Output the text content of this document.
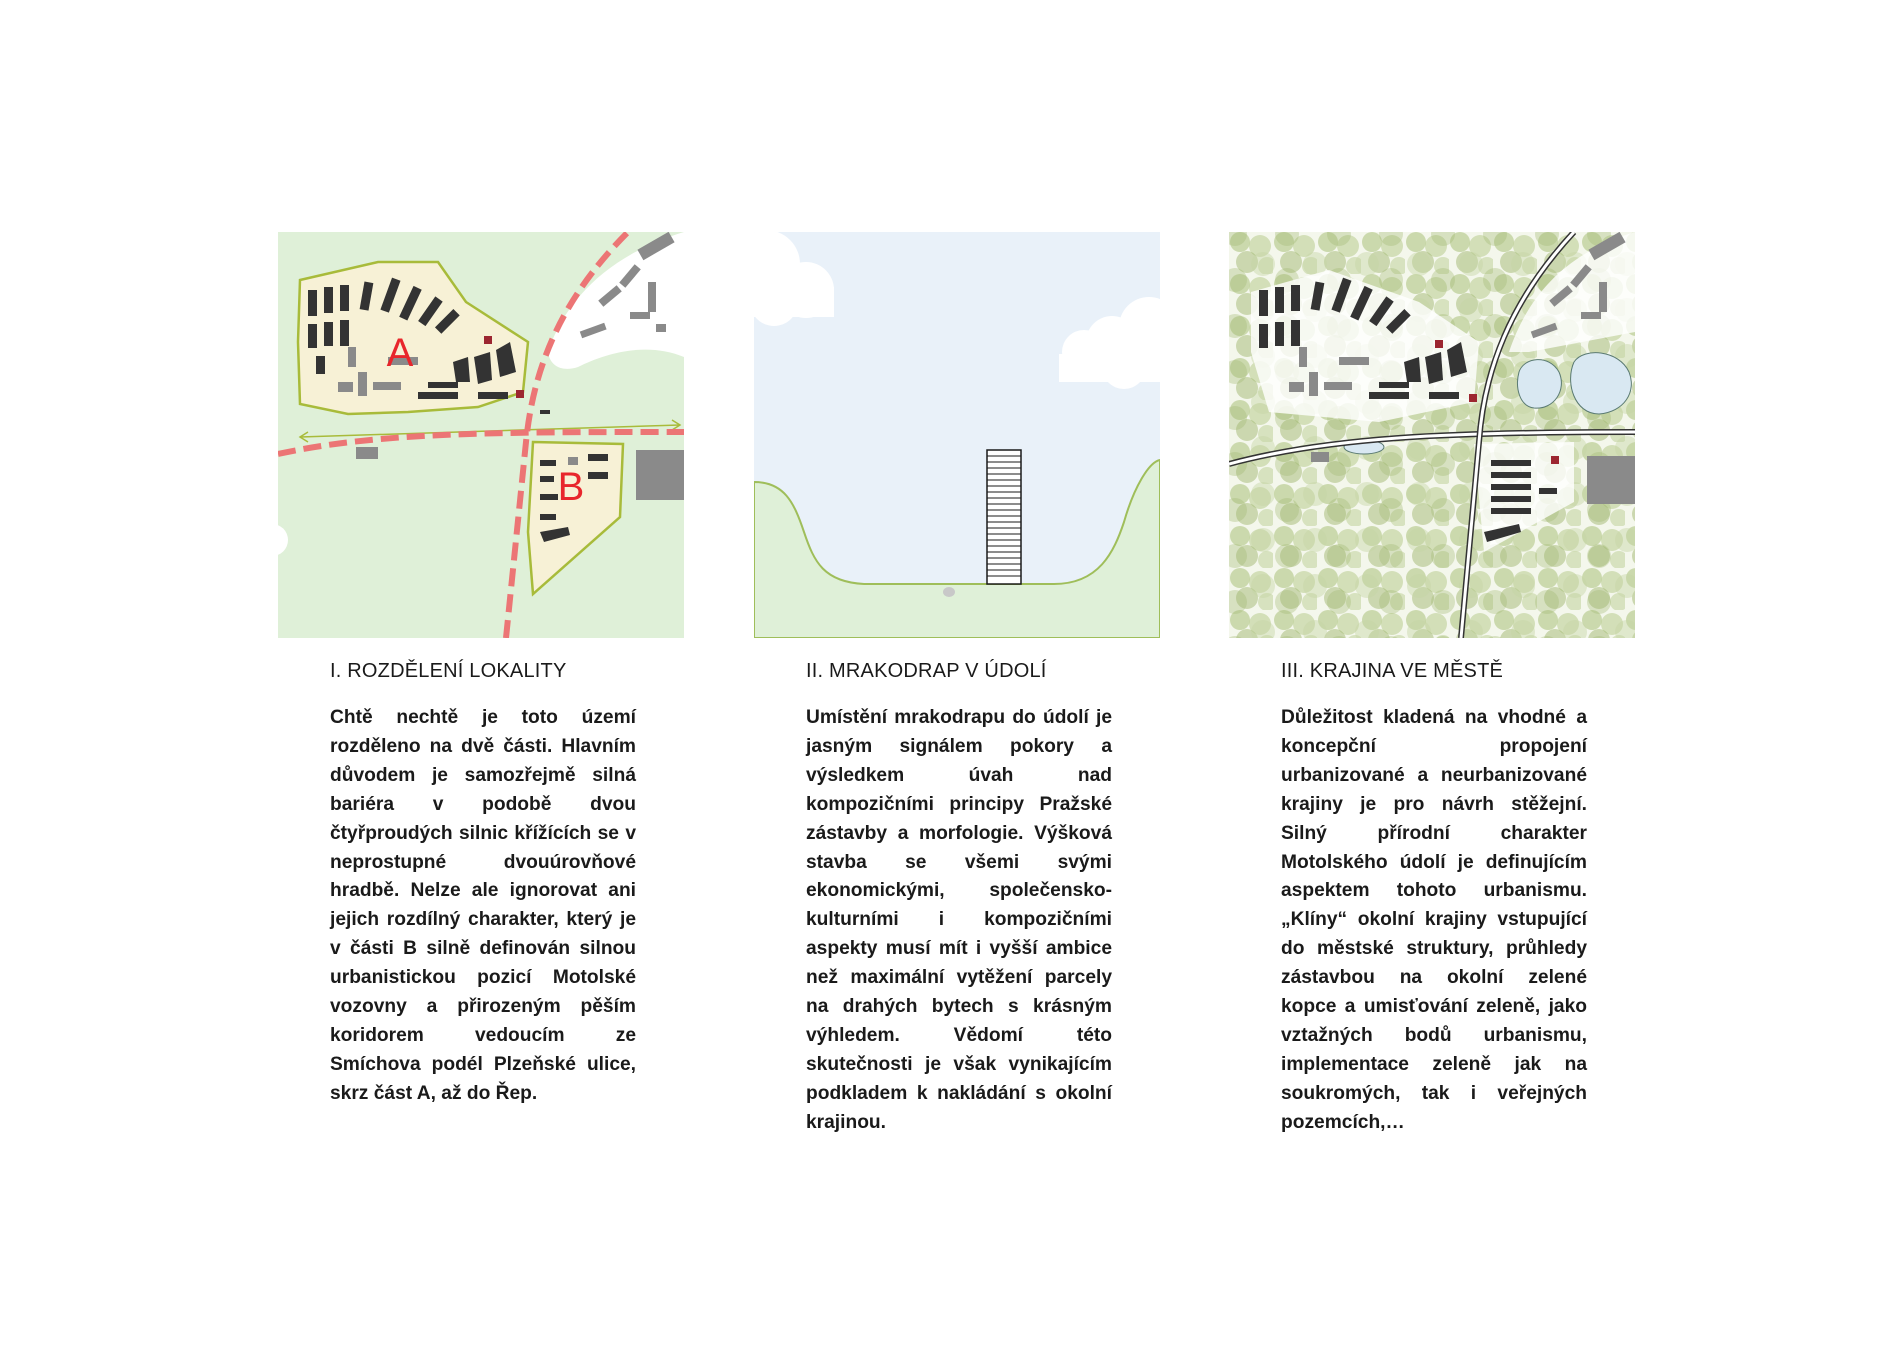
A
B
I. ROZDĚLENÍ LOKALITY

Chtě nechtě je toto území rozděleno na dvě části. Hlavním důvodem je samozřejmě silná bariéra v podobě dvou čtyřproudých silnic křížících se v neprostupné dvouúrovňové hradbě. Nelze ale ignorovat ani jejich rozdílný charakter, který je v části B silně definován silnou urbanistickou pozicí Motolské vozovny a přirozeným pěším koridorem vedoucím ze Smíchova podél Plzeňské ulice, skrz část A, až do Řep.

II. MRAKODRAP V ÚDOLÍ

Umístění mrakodrapu do údolí je jasným signálem pokory a výsledkem úvah nad kompozičními principy Pražské zástavby a morfologie. Výšková stavba se všemi svými ekonomickými, společensko-kulturními i kompozičními aspekty musí mít i vyšší ambice než maximální vytěžení parcely na drahých bytech s krásným výhledem. Vědomí této skutečnosti je však vynikajícím podkladem k nakládání s okolní krajinou.

III. KRAJINA VE MĚSTĚ

Důležitost kladená na vhodné a koncepční propojení urbanizované a neurbanizované krajiny je pro návrh stěžejní. Silný přírodní charakter Motolského údolí je definujícím aspektem tohoto urbanismu. „Klíny“ okolní krajiny vstupující do městské struktury, průhledy zástavbou na okolní zelené kopce a umisťování zeleně, jako vztažných bodů urbanismu, implementace zeleně jak na soukromých, tak i veřejných pozemcích,…
